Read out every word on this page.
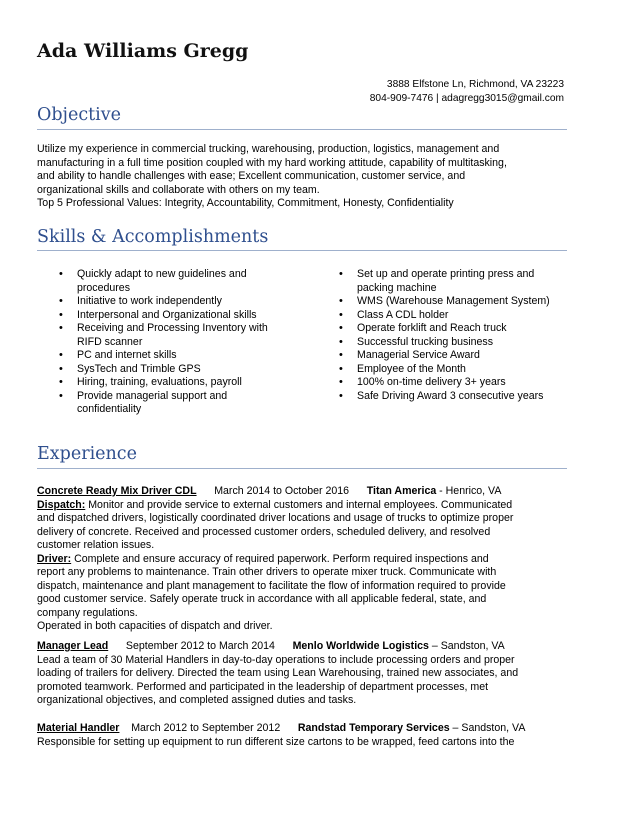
Ada Williams Gregg
3888 Elfstone Ln, Richmond, VA 23223
804-909-7476 | adagregg3015@gmail.com
Objective
Utilize my experience in commercial trucking, warehousing, production, logistics, management and
manufacturing in a full time position coupled with my hard working attitude, capability of multitasking,
and ability to handle challenges with ease; Excellent communication, customer service, and
organizational skills and collaborate with others on my team.
Top 5 Professional Values: Integrity, Accountability, Commitment, Honesty, Confidentiality
Skills & Accomplishments
• Quickly adapt to new guidelines and procedures
• Initiative to work independently
• Interpersonal and Organizational skills
• Receiving and Processing Inventory with RIFD scanner
• PC and internet skills
• SysTech and Trimble GPS
• Hiring, training, evaluations, payroll
• Provide managerial support and confidentiality
• Set up and operate printing press and packing machine
• WMS (Warehouse Management System)
• Class A CDL holder
• Operate forklift and Reach truck
• Successful trucking business
• Managerial Service Award
• Employee of the Month
• 100% on-time delivery 3+ years
• Safe Driving Award 3 consecutive years
Experience
Concrete Ready Mix Driver CDL March 2014 to October 2016 Titan America - Henrico, VA
Dispatch: Monitor and provide service to external customers and internal employees. Communicated
and dispatched drivers, logistically coordinated driver locations and usage of trucks to optimize proper
delivery of concrete. Received and processed customer orders, scheduled delivery, and resolved
customer relation issues.
Driver: Complete and ensure accuracy of required paperwork. Perform required inspections and
report any problems to maintenance. Train other drivers to operate mixer truck. Communicate with
dispatch, maintenance and plant management to facilitate the flow of information required to provide
good customer service. Safely operate truck in accordance with all applicable federal, state, and
company regulations.
Operated in both capacities of dispatch and driver.
Manager Lead September 2012 to March 2014 Menlo Worldwide Logistics – Sandston, VA
Lead a team of 30 Material Handlers in day-to-day operations to include processing orders and proper
loading of trailers for delivery. Directed the team using Lean Warehousing, trained new associates, and
promoted teamwork. Performed and participated in the leadership of department processes, met
organizational objectives, and completed assigned duties and tasks.
Material Handler March 2012 to September 2012 Randstad Temporary Services – Sandston, VA
Responsible for setting up equipment to run different size cartons to be wrapped, feed cartons into the
